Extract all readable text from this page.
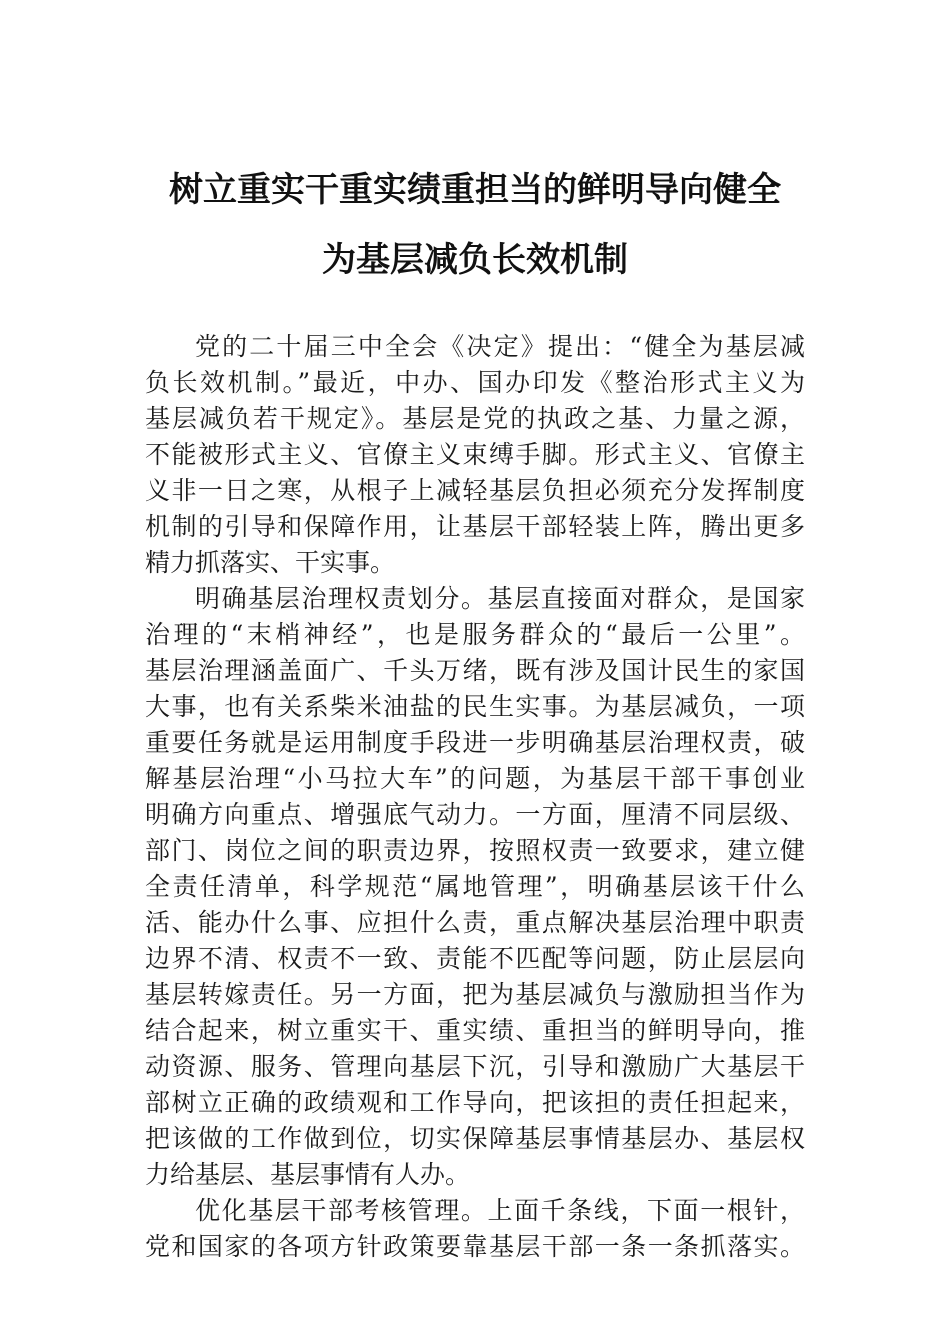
树立重实干重实绩重担当的鲜明导向健全
为基层减负长效机制
党的二十届三中全会《决定》提出：“健全为基层减
负长效机制。”最近，中办、国办印发《整治形式主义为
基层减负若干规定》。基层是党的执政之基、力量之源，
不能被形式主义、官僚主义束缚手脚。形式主义、官僚主
义非一日之寒，从根子上减轻基层负担必须充分发挥制度
机制的引导和保障作用，让基层干部轻装上阵，腾出更多
精力抓落实、干实事。
明确基层治理权责划分。基层直接面对群众，是国家
治理的“末梢神经”，也是服务群众的“最后一公里”。
基层治理涵盖面广、千头万绪，既有涉及国计民生的家国
大事，也有关系柴米油盐的民生实事。为基层减负，一项
重要任务就是运用制度手段进一步明确基层治理权责，破
解基层治理“小马拉大车”的问题，为基层干部干事创业
明确方向重点、增强底气动力。一方面，厘清不同层级、
部门、岗位之间的职责边界，按照权责一致要求，建立健
全责任清单，科学规范“属地管理”，明确基层该干什么
活、能办什么事、应担什么责，重点解决基层治理中职责
边界不清、权责不一致、责能不匹配等问题，防止层层向
基层转嫁责任。另一方面，把为基层减负与激励担当作为
结合起来，树立重实干、重实绩、重担当的鲜明导向，推
动资源、服务、管理向基层下沉，引导和激励广大基层干
部树立正确的政绩观和工作导向，把该担的责任担起来，
把该做的工作做到位，切实保障基层事情基层办、基层权
力给基层、基层事情有人办。
优化基层干部考核管理。上面千条线，下面一根针，
党和国家的各项方针政策要靠基层干部一条一条抓落实。
